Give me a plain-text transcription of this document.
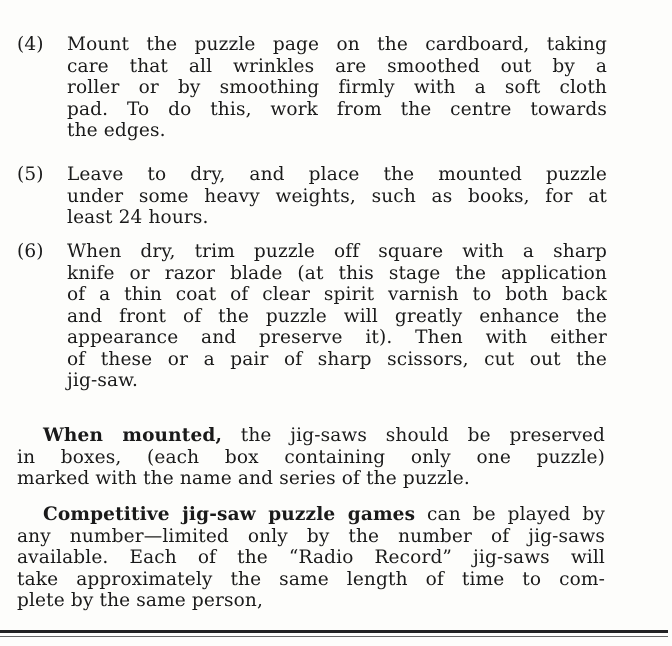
(4)	Mount the puzzle page on the cardboard, taking
care that all wrinkles are smoothed out by a
roller or by smoothing firmly with a soft cloth
pad. To do this, work from the centre towards
the edges.
(5)	Leave to dry, and place the mounted puzzle
under some heavy weights, such as books, for at
least 24 hours.
(6)	When dry, trim puzzle off square with a sharp
knife or razor blade (at this stage the application
of a thin coat of clear spirit varnish to both back
and front of the puzzle will greatly enhance the
appearance and preserve it). Then with either
of these or a pair of sharp scissors, cut out the
jig-saw.
When mounted, the jig-saws should be preserved
in boxes, (each box containing only one puzzle)
marked with the name and series of the puzzle.
Competitive jig-saw puzzle games can be played by
any number—limited only by the number of jig-saws
available. Each of the “Radio Record” jig-saws will
take approximately the same length of time to com-
plete by the same person,
